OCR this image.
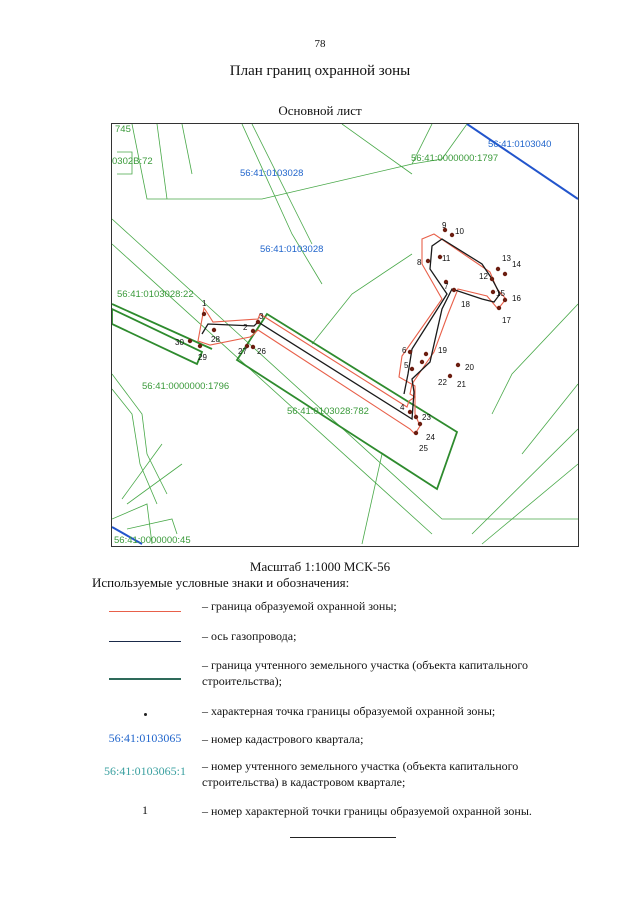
78
План границ охранной зоны
Основной лист
56:41:0103028
56:41:0103028
56:41:0103040
56:41:0000000:1797
56:41:0103028:22
56:41:0000000:1796
56:41:0103028:782
745
0302В:72
56:41:0000000:45
1
2
3
4
5
6
7
8
9
10
11
12
13
14
15
16
17
18
19
20
21
22
23
24
25
26
27
28
29
30
Масштаб 1:1000 МСК-56
Используемые условные знаки и обозначения:
– граница образуемой охранной зоны;
– ось газопровода;
– граница учтенного земельного участка (объекта капитального строительства);
– характерная точка границы образуемой охранной зоны;
56:41:0103065	– номер кадастрового квартала;
56:41:0103065:1	– номер учтенного земельного участка (объекта капитального строительства) в кадастровом квартале;
1	– номер характерной точки границы образуемой охранной зоны.
